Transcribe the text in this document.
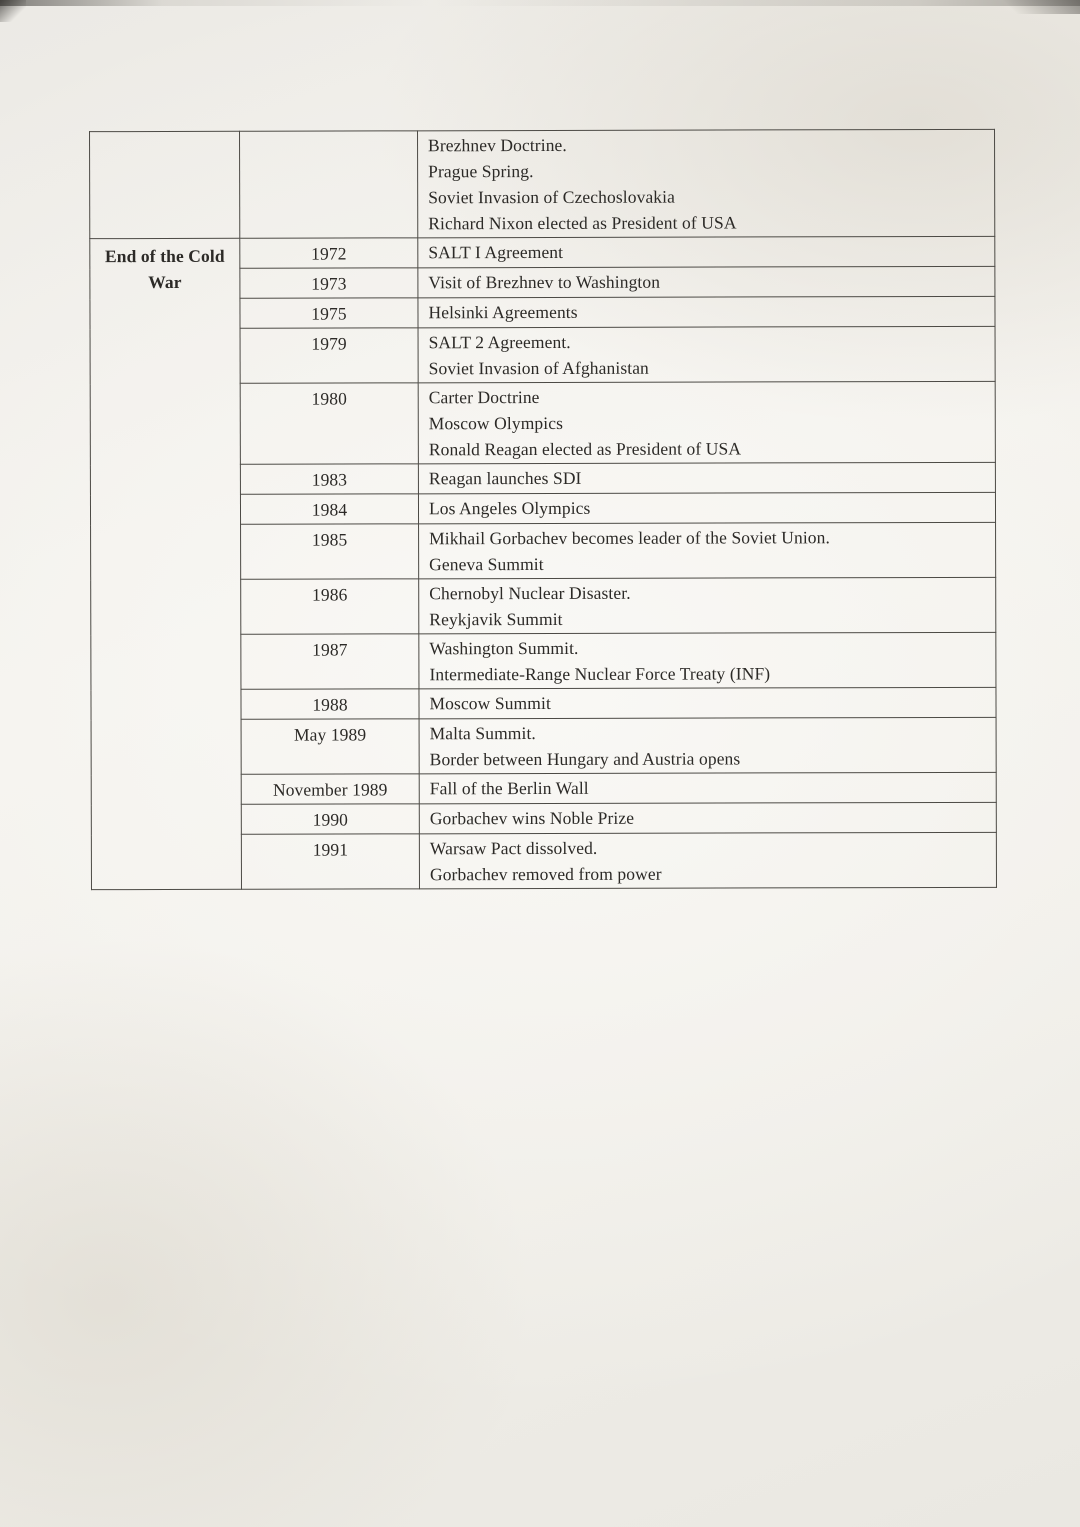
		Brezhnev Doctrine.
Prague Spring.
Soviet Invasion of Czechoslovakia
Richard Nixon elected as President of USA

End of the Cold War	1972	SALT I Agreement

	1973	Visit of Brezhnev to Washington

	1975	Helsinki Agreements

	1979	SALT 2 Agreement.
Soviet Invasion of Afghanistan

	1980	Carter Doctrine
Moscow Olympics
Ronald Reagan elected as President of USA

	1983	Reagan launches SDI

	1984	Los Angeles Olympics

	1985	Mikhail Gorbachev becomes leader of the Soviet Union.
Geneva Summit

	1986	Chernobyl Nuclear Disaster.
Reykjavik Summit

	1987	Washington Summit.
Intermediate-Range Nuclear Force Treaty (INF)

	1988	Moscow Summit

	May 1989	Malta Summit.
Border between Hungary and Austria opens

	November 1989	Fall of the Berlin Wall

	1990	Gorbachev wins Noble Prize

	1991	Warsaw Pact dissolved.
Gorbachev removed from power
